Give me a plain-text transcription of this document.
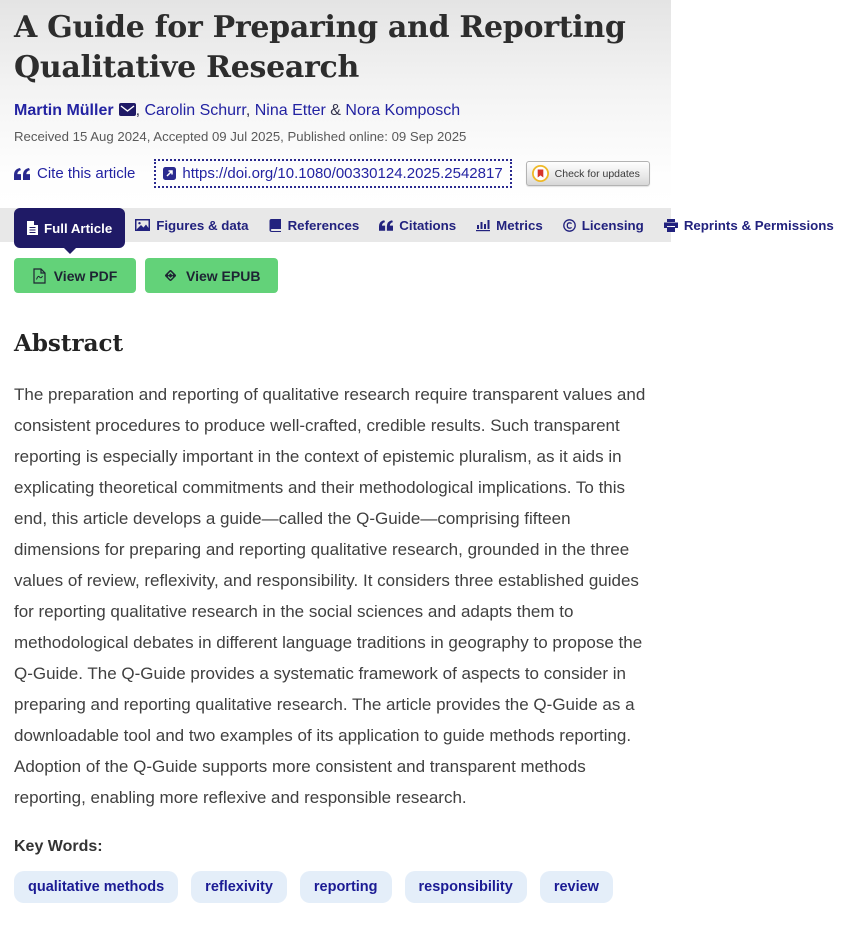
A Guide for Preparing and Reporting Qualitative Research
Martin Müller , Carolin Schurr, Nina Etter & Nora Komposch
Received 15 Aug 2024, Accepted 09 Jul 2025, Published online: 09 Sep 2025
Cite this article	https://doi.org/10.1080/00330124.2025.2542817	Check for updates
Full Article	Figures & data	References	Citations	Metrics	Licensing	Reprints & Permissions
View PDF	View EPUB
Abstract

The preparation and reporting of qualitative research require transparent values and consistent procedures to produce well-crafted, credible results. Such transparent reporting is especially important in the context of epistemic pluralism, as it aids in explicating theoretical commitments and their methodological implications. To this end, this article develops a guide—called the Q-Guide—comprising fifteen dimensions for preparing and reporting qualitative research, grounded in the three values of review, reflexivity, and responsibility. It considers three established guides for reporting qualitative research in the social sciences and adapts them to methodological debates in different language traditions in geography to propose the Q-Guide. The Q-Guide provides a systematic framework of aspects to consider in preparing and reporting qualitative research. The article provides the Q-Guide as a downloadable tool and two examples of its application to guide methods reporting. Adoption of the Q-Guide supports more consistent and transparent methods reporting, enabling more reflexive and responsible research.

Key Words:
qualitative methods	reflexivity	reporting	responsibility	review
